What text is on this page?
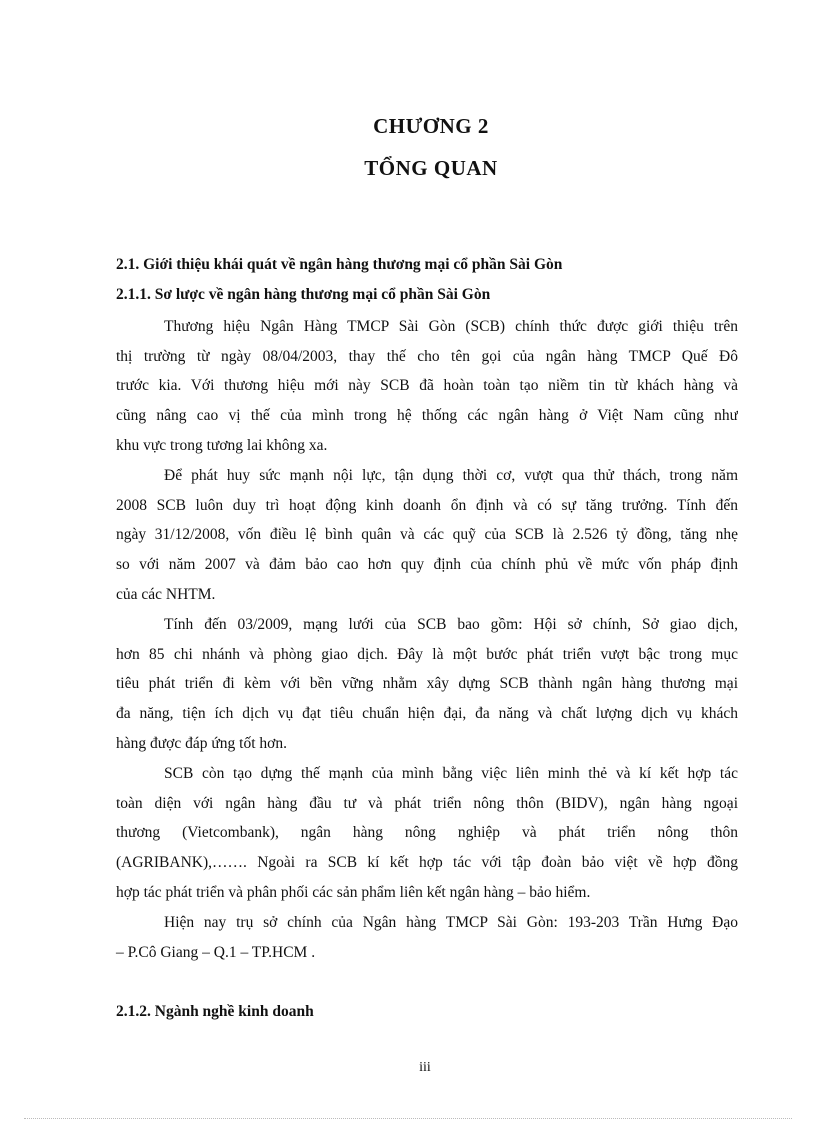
CHƯƠNG 2
TỔNG QUAN
2.1. Giới thiệu khái quát về ngân hàng thương mại cổ phần Sài Gòn
2.1.1. Sơ lược về ngân hàng thương mại cổ phần Sài Gòn
Thương hiệu Ngân Hàng TMCP Sài Gòn (SCB) chính thức được giới thiệu trên
thị trường từ ngày 08/04/2003, thay thế cho tên gọi của ngân hàng TMCP Quế Đô
trước kia. Với thương hiệu mới này SCB đã hoàn toàn tạo niềm tin từ khách hàng và
cũng nâng cao vị thế của mình trong hệ thống các ngân hàng ở Việt Nam cũng như
khu vực trong tương lai không xa.
Để phát huy sức mạnh nội lực, tận dụng thời cơ, vượt qua thử thách, trong năm
2008 SCB luôn duy trì hoạt động kinh doanh ổn định và có sự tăng trưởng. Tính đến
ngày 31/12/2008, vốn điều lệ bình quân và các quỹ của SCB là 2.526 tỷ đồng, tăng nhẹ
so với năm 2007 và đảm bảo cao hơn quy định của chính phủ về mức vốn pháp định
của các NHTM.
Tính đến 03/2009, mạng lưới của SCB bao gồm: Hội sở chính, Sở giao dịch,
hơn 85 chi nhánh và phòng giao dịch. Đây là một bước phát triển vượt bậc trong mục
tiêu phát triển đi kèm với bền vững nhằm xây dựng SCB thành ngân hàng thương mại
đa năng, tiện ích dịch vụ đạt tiêu chuẩn hiện đại, đa năng và chất lượng dịch vụ khách
hàng được đáp ứng tốt hơn.
SCB còn tạo dựng thế mạnh của mình bằng việc liên minh thẻ và kí kết hợp tác
toàn diện với ngân hàng đầu tư và phát triển nông thôn (BIDV), ngân hàng ngoại
thương (Vietcombank), ngân hàng nông nghiệp và phát triển nông thôn
(AGRIBANK),……. Ngoài ra SCB kí kết hợp tác với tập đoàn bảo việt về hợp đồng
hợp tác phát triển và phân phối các sản phẩm liên kết ngân hàng – bảo hiểm.
Hiện nay trụ sở chính của Ngân hàng TMCP Sài Gòn: 193-203 Trần Hưng Đạo
– P.Cô Giang – Q.1 – TP.HCM .
2.1.2. Ngành nghề kinh doanh
iii
